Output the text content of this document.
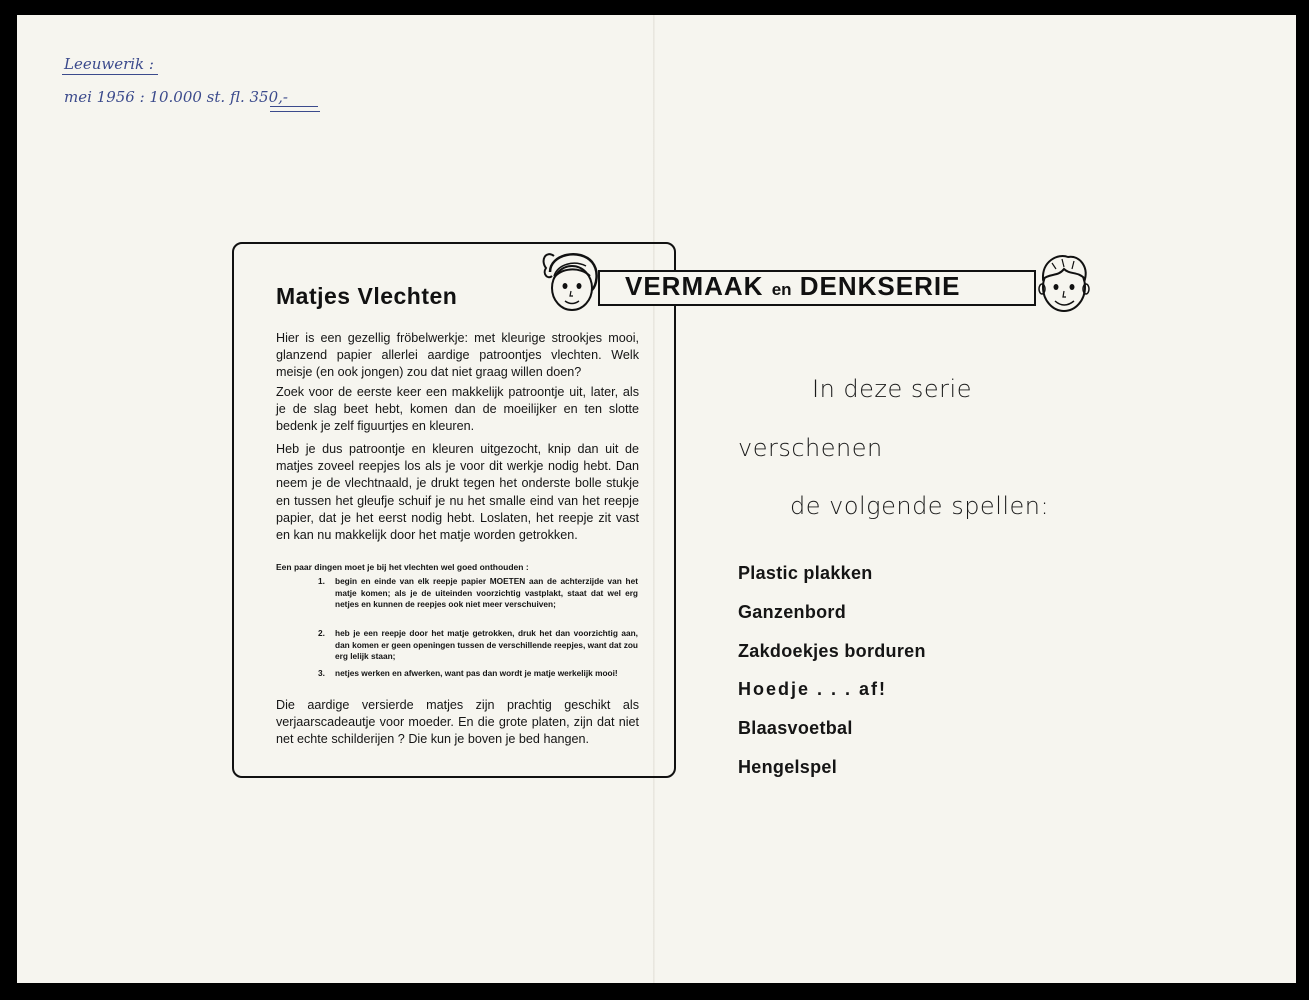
Leeuwerik :
mei 1956 : 10.000 st. fl. 350,-
Matjes Vlechten
Hier is een gezellig fröbelwerkje: met kleurige strookjes mooi, glanzend papier allerlei aardige patroontjes vlechten. Welk meisje (en ook jongen) zou dat niet graag willen doen?
Zoek voor de eerste keer een makkelijk patroontje uit, later, als je de slag beet hebt, komen dan de moeilijker en ten slotte bedenk je zelf figuurtjes en kleuren.
Heb je dus patroontje en kleuren uitgezocht, knip dan uit de matjes zoveel reepjes los als je voor dit werkje nodig hebt. Dan neem je de vlechtnaald, je drukt tegen het onderste bolle stukje en tussen het gleufje schuif je nu het smalle eind van het reepje papier, dat je het eerst nodig hebt. Loslaten, het reepje zit vast en kan nu makkelijk door het matje worden getrokken.
Een paar dingen moet je bij het vlechten wel goed onthouden :
1. begin en einde van elk reepje papier MOETEN aan de achterzijde van het matje komen; als je de uiteinden voorzichtig vastplakt, staat dat wel erg netjes en kunnen de reepjes ook niet meer verschuiven;
2. heb je een reepje door het matje getrokken, druk het dan voorzichtig aan, dan komen er geen openingen tussen de verschillende reepjes, want dat zou erg lelijk staan;
3. netjes werken en afwerken, want pas dan wordt je matje werkelijk mooi!
Die aardige versierde matjes zijn prachtig geschikt als verjaarscadeautje voor moeder. En die grote platen, zijn dat niet net echte schilderijen ? Die kun je boven je bed hangen.
VERMAAK en DENKSERIE
In deze serie
verschenen
de volgende spellen:
Plastic plakken
Ganzenbord
Zakdoekjes borduren
Hoedje . . . af!
Blaasvoetbal
Hengelspel
